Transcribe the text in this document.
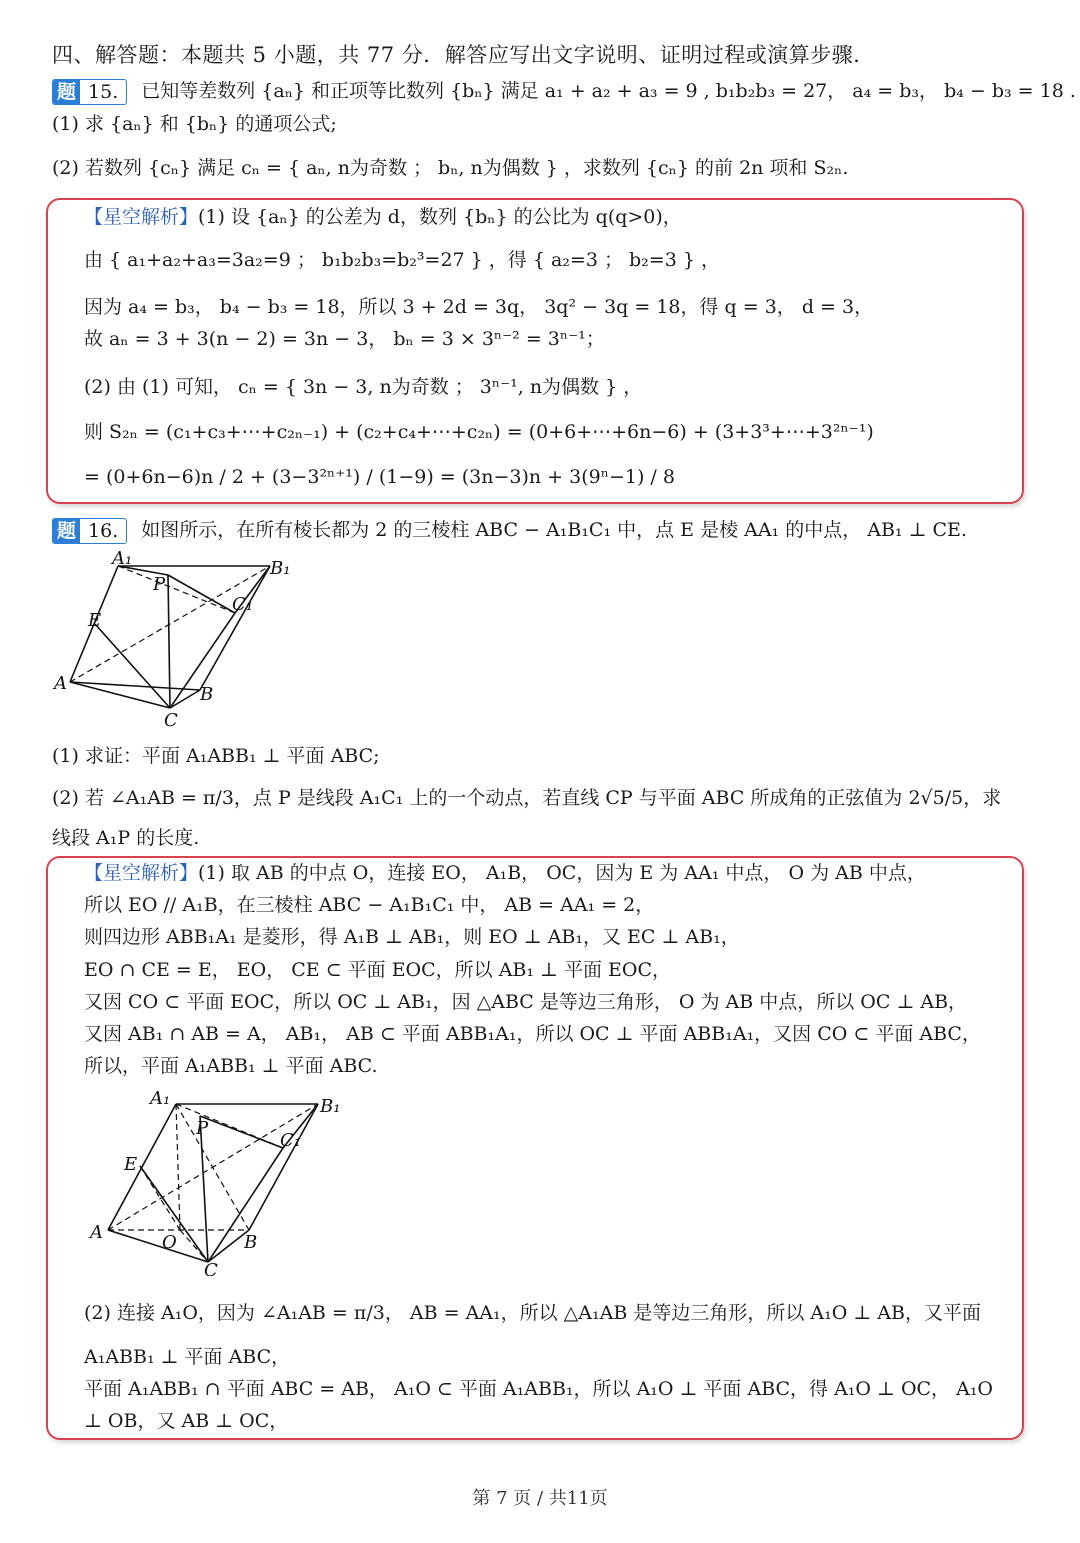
四、解答题：本题共 5 小题，共 77 分．解答应写出文字说明、证明过程或演算步骤．
题 15. 已知等差数列 {aₙ} 和正项等比数列 {bₙ} 满足 a₁ + a₂ + a₃ = 9 , b₁b₂b₃ = 27， a₄ = b₃， b₄ − b₃ = 18 .
(1) 求 {aₙ} 和 {bₙ} 的通项公式;
(2) 若数列 {cₙ} 满足 cₙ = { aₙ, n为奇数 ； bₙ, n为偶数 } ，求数列 {cₙ} 的前 2n 项和 S₂ₙ.
【星空解析】(1) 设 {aₙ} 的公差为 d，数列 {bₙ} 的公比为 q(q>0)，
由 { a₁+a₂+a₃=3a₂=9 ； b₁b₂b₃=b₂³=27 } ，得 { a₂=3 ； b₂=3 } ，
因为 a₄ = b₃， b₄ − b₃ = 18，所以 3 + 2d = 3q， 3q² − 3q = 18，得 q = 3， d = 3，
故 aₙ = 3 + 3(n − 2) = 3n − 3， bₙ = 3 × 3ⁿ⁻² = 3ⁿ⁻¹；
(2) 由 (1) 可知， cₙ = { 3n − 3, n为奇数 ； 3ⁿ⁻¹, n为偶数 } ，
则 S₂ₙ = (c₁+c₃+⋯+c₂ₙ₋₁) + (c₂+c₄+⋯+c₂ₙ) = (0+6+⋯+6n−6) + (3+3³+⋯+3²ⁿ⁻¹)
= (0+6n−6)n / 2 + (3−3²ⁿ⁺¹) / (1−9) = (3n−3)n + 3(9ⁿ−1) / 8
题 16. 如图所示，在所有棱长都为 2 的三棱柱 ABC − A₁B₁C₁ 中，点 E 是棱 AA₁ 的中点， AB₁ ⊥ CE.
A₁	B₁
P
C₁
E
A
B
C
(1) 求证：平面 A₁ABB₁ ⊥ 平面 ABC;
(2) 若 ∠A₁AB = π/3，点 P 是线段 A₁C₁ 上的一个动点，若直线 CP 与平面 ABC 所成角的正弦值为 2√5/5，求
线段 A₁P 的长度.
【星空解析】(1) 取 AB 的中点 O，连接 EO， A₁B， OC，因为 E 为 AA₁ 中点， O 为 AB 中点，
所以 EO // A₁B，在三棱柱 ABC − A₁B₁C₁ 中， AB = AA₁ = 2，
则四边形 ABB₁A₁ 是菱形，得 A₁B ⊥ AB₁，则 EO ⊥ AB₁，又 EC ⊥ AB₁，
EO ∩ CE = E， EO， CE ⊂ 平面 EOC，所以 AB₁ ⊥ 平面 EOC，
又因 CO ⊂ 平面 EOC，所以 OC ⊥ AB₁，因 △ABC 是等边三角形， O 为 AB 中点，所以 OC ⊥ AB，
又因 AB₁ ∩ AB = A， AB₁， AB ⊂ 平面 ABB₁A₁，所以 OC ⊥ 平面 ABB₁A₁，又因 CO ⊂ 平面 ABC，
所以，平面 A₁ABB₁ ⊥ 平面 ABC.
A₁	B₁
P
C₁
E
A	O	B
C
(2) 连接 A₁O，因为 ∠A₁AB = π/3， AB = AA₁，所以 △A₁AB 是等边三角形，所以 A₁O ⊥ AB，又平面
A₁ABB₁ ⊥ 平面 ABC，
平面 A₁ABB₁ ∩ 平面 ABC = AB， A₁O ⊂ 平面 A₁ABB₁，所以 A₁O ⊥ 平面 ABC，得 A₁O ⊥ OC， A₁O
⊥ OB，又 AB ⊥ OC，
第 7 页 / 共11页
